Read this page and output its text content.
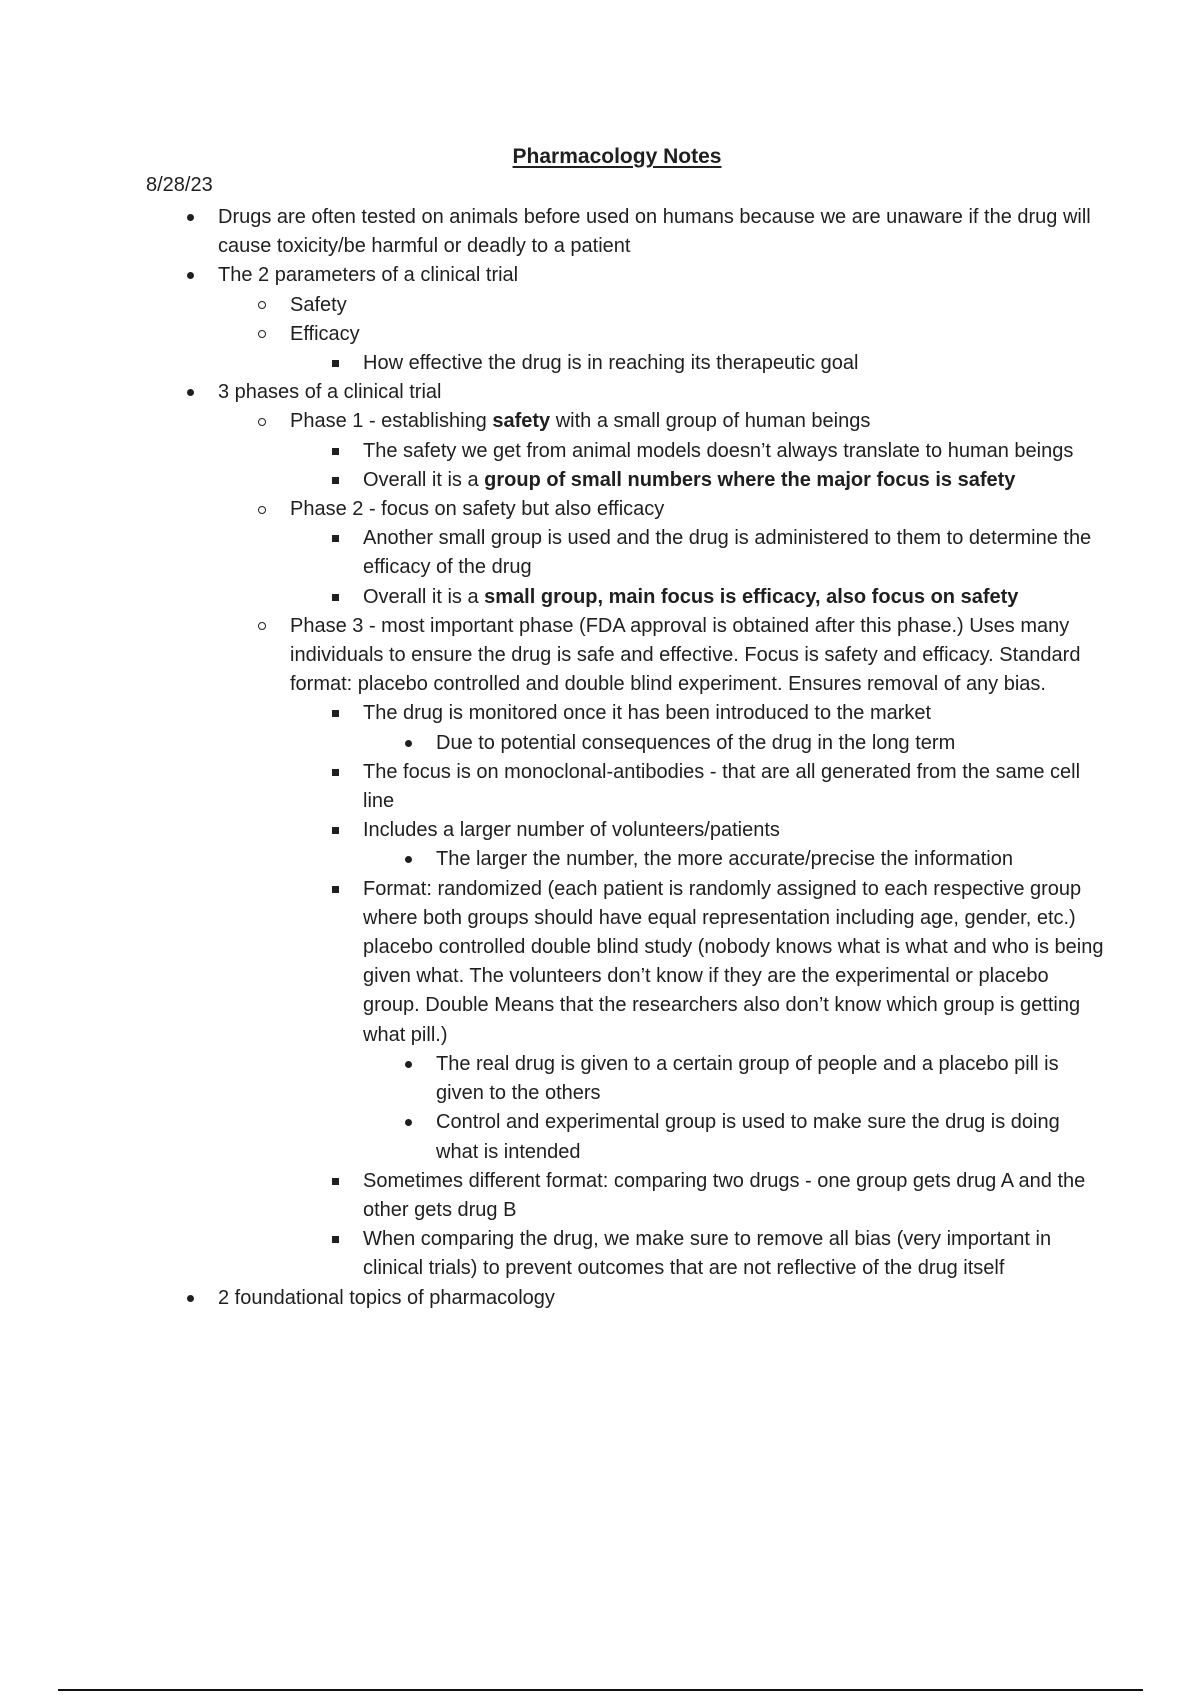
Pharmacology Notes
8/28/23
Drugs are often tested on animals before used on humans because we are unaware if the drug will cause toxicity/be harmful or deadly to a patient
The 2 parameters of a clinical trial
Safety
Efficacy
How effective the drug is in reaching its therapeutic goal
3 phases of a clinical trial
Phase 1 - establishing safety with a small group of human beings
The safety we get from animal models doesn’t always translate to human beings
Overall it is a group of small numbers where the major focus is safety
Phase 2 - focus on safety but also efficacy
Another small group is used and the drug is administered to them to determine the efficacy of the drug
Overall it is a small group, main focus is efficacy, also focus on safety
Phase 3 - most important phase (FDA approval is obtained after this phase.) Uses many individuals to ensure the drug is safe and effective. Focus is safety and efficacy. Standard format: placebo controlled and double blind experiment. Ensures removal of any bias.
The drug is monitored once it has been introduced to the market
Due to potential consequences of the drug in the long term
The focus is on monoclonal-antibodies - that are all generated from the same cell line
Includes a larger number of volunteers/patients
The larger the number, the more accurate/precise the information
Format: randomized (each patient is randomly assigned to each respective group where both groups should have equal representation including age, gender, etc.) placebo controlled double blind study (nobody knows what is what and who is being given what. The volunteers don’t know if they are the experimental or placebo group. Double Means that the researchers also don’t know which group is getting what pill.)
The real drug is given to a certain group of people and a placebo pill is given to the others
Control and experimental group is used to make sure the drug is doing what is intended
Sometimes different format: comparing two drugs - one group gets drug A and the other gets drug B
When comparing the drug, we make sure to remove all bias (very important in clinical trials) to prevent outcomes that are not reflective of the drug itself
2 foundational topics of pharmacology
